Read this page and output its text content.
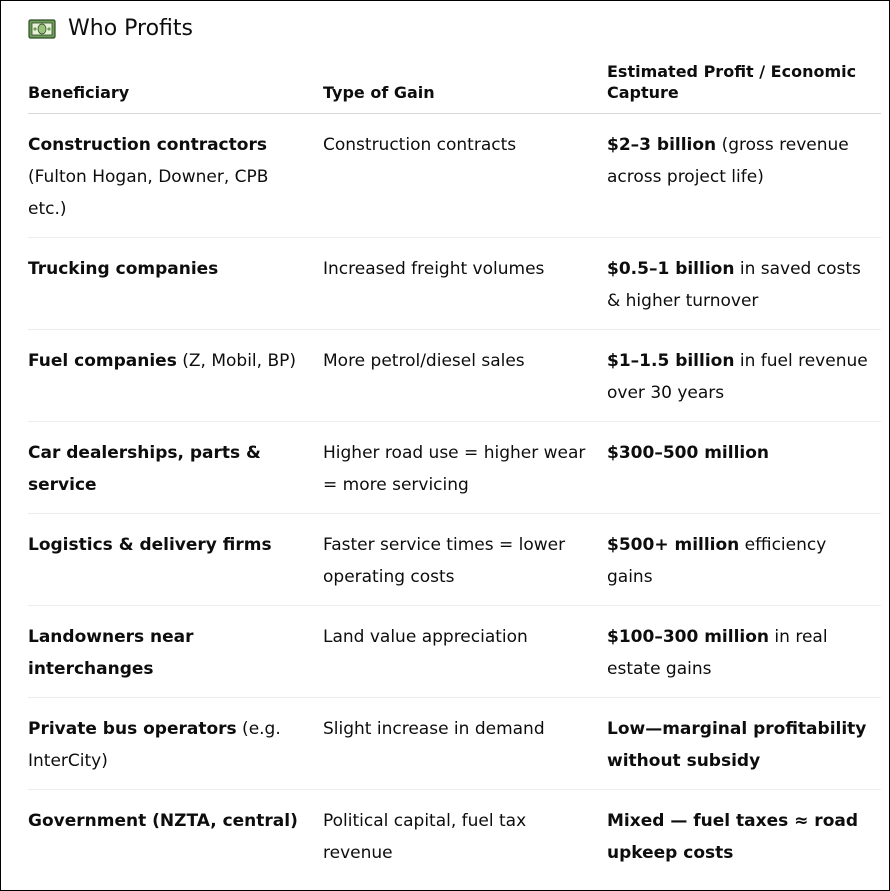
Who Profits
Beneficiary	Type of Gain	Estimated Profit / Economic Capture
Construction contractors (Fulton Hogan, Downer, CPB etc.)	Construction contracts	$2–3 billion (gross revenue across project life)
Trucking companies	Increased freight volumes	$0.5–1 billion in saved costs & higher turnover
Fuel companies (Z, Mobil, BP)	More petrol/diesel sales	$1–1.5 billion in fuel revenue over 30 years
Car dealerships, parts & service	Higher road use = higher wear = more servicing	$300–500 million
Logistics & delivery firms	Faster service times = lower operating costs	$500+ million efficiency gains
Landowners near interchanges	Land value appreciation	$100–300 million in real estate gains
Private bus operators (e.g. InterCity)	Slight increase in demand	Low—marginal profitability without subsidy
Government (NZTA, central)	Political capital, fuel tax revenue	Mixed — fuel taxes ≈ road upkeep costs
